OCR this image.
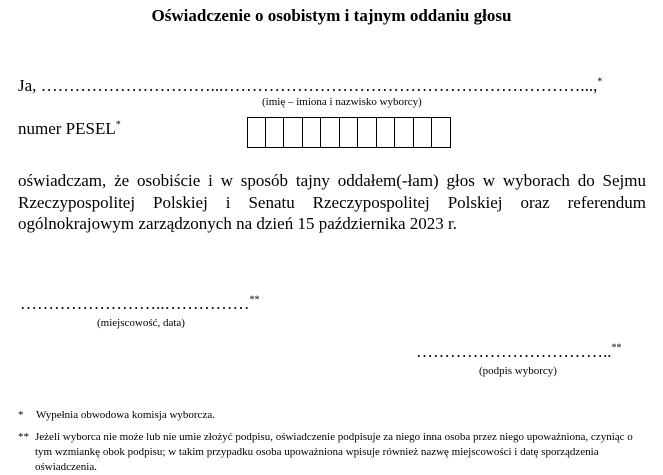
Oświadczenie o osobistym i tajnym oddaniu głosu
Ja, …………………………...………………………………………………………...,*
(imię – imiona i nazwisko wyborcy)
numer PESEL*
oświadczam, że osobiście i w sposób tajny oddałem(-łam) głos w wyborach do Sejmu Rzeczypospolitej Polskiej i Senatu Rzeczypospolitej Polskiej oraz referendum ogólnokrajowym zarządzonych na dzień 15 października 2023 r.
……………………..……………**
(miejscowość, data)
……………………………..**
(podpis wyborcy)
* Wypełnia obwodowa komisja wyborcza.
** Jeżeli wyborca nie może lub nie umie złożyć podpisu, oświadczenie podpisuje za niego inna osoba przez niego upoważniona, czyniąc o tym wzmiankę obok podpisu; w takim przypadku osoba upoważniona wpisuje również nazwę miejscowości i datę sporządzenia oświadczenia.
